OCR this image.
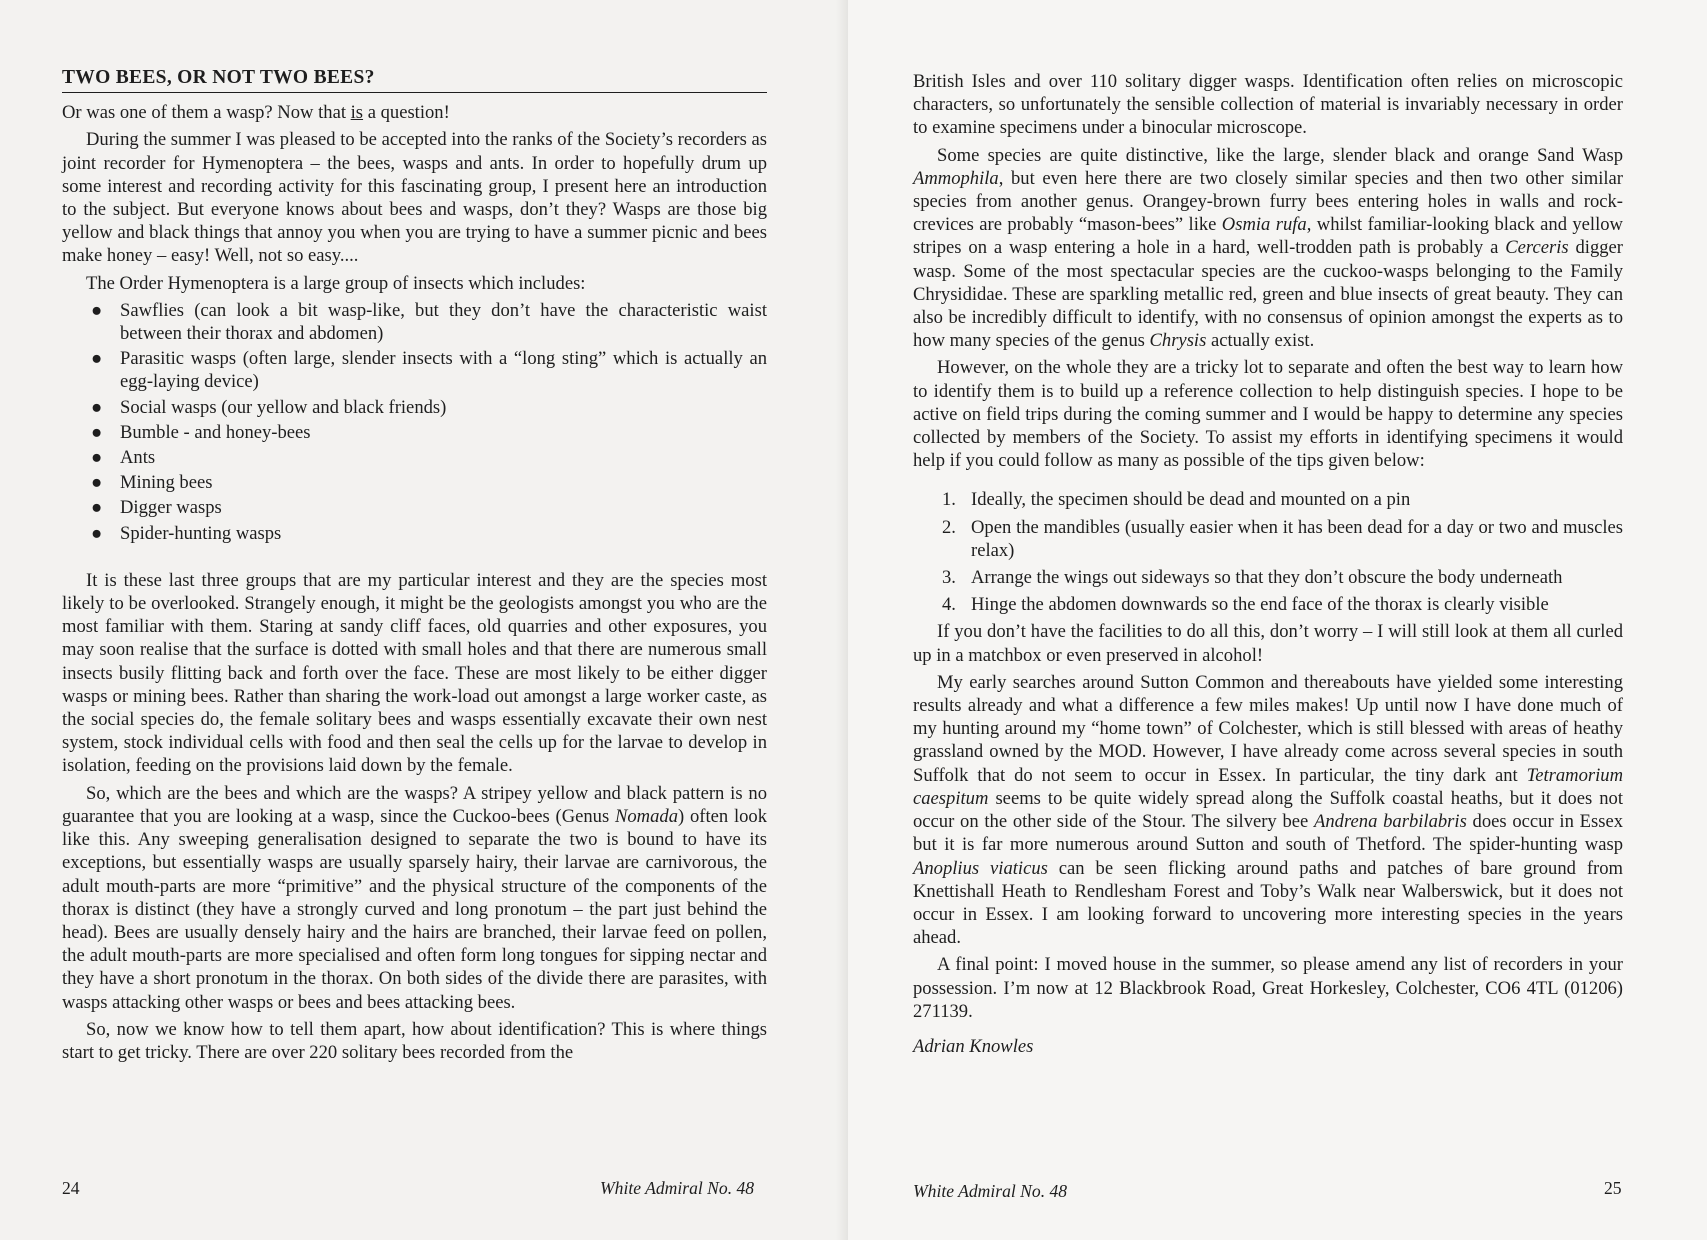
TWO BEES, OR NOT TWO BEES?

Or was one of them a wasp? Now that is a question!

During the summer I was pleased to be accepted into the ranks of the Society’s recorders as joint recorder for Hymenoptera – the bees, wasps and ants. In order to hopefully drum up some interest and recording activity for this fascinating group, I present here an introduction to the subject. But everyone knows about bees and wasps, don’t they? Wasps are those big yellow and black things that annoy you when you are trying to have a summer picnic and bees make honey – easy! Well, not so easy....

The Order Hymenoptera is a large group of insects which includes:

● Sawflies (can look a bit wasp-like, but they don’t have the characteristic waist between their thorax and abdomen)
● Parasitic wasps (often large, slender insects with a “long sting” which is actually an egg-laying device)
● Social wasps (our yellow and black friends)
● Bumble - and honey-bees
● Ants
● Mining bees
● Digger wasps
● Spider-hunting wasps

It is these last three groups that are my particular interest and they are the species most likely to be overlooked. Strangely enough, it might be the geologists amongst you who are the most familiar with them. Staring at sandy cliff faces, old quarries and other exposures, you may soon realise that the surface is dotted with small holes and that there are numerous small insects busily flitting back and forth over the face. These are most likely to be either digger wasps or mining bees. Rather than sharing the work-load out amongst a large worker caste, as the social species do, the female solitary bees and wasps essentially excavate their own nest system, stock individual cells with food and then seal the cells up for the larvae to develop in isolation, feeding on the provisions laid down by the female.

So, which are the bees and which are the wasps? A stripey yellow and black pattern is no guarantee that you are looking at a wasp, since the Cuckoo-bees (Genus Nomada) often look like this. Any sweeping generalisation designed to separate the two is bound to have its exceptions, but essentially wasps are usually sparsely hairy, their larvae are carnivorous, the adult mouth-parts are more “primitive” and the physical structure of the components of the thorax is distinct (they have a strongly curved and long pronotum – the part just behind the head). Bees are usually densely hairy and the hairs are branched, their larvae feed on pollen, the adult mouth-parts are more specialised and often form long tongues for sipping nectar and they have a short pronotum in the thorax. On both sides of the divide there are parasites, with wasps attacking other wasps or bees and bees attacking bees.

So, now we know how to tell them apart, how about identification? This is where things start to get tricky. There are over 220 solitary bees recorded from the

24	White Admiral No. 48

British Isles and over 110 solitary digger wasps. Identification often relies on microscopic characters, so unfortunately the sensible collection of material is invariably necessary in order to examine specimens under a binocular microscope.

Some species are quite distinctive, like the large, slender black and orange Sand Wasp Ammophila, but even here there are two closely similar species and then two other similar species from another genus. Orangey-brown furry bees entering holes in walls and rock-crevices are probably “mason-bees” like Osmia rufa, whilst familiar-looking black and yellow stripes on a wasp entering a hole in a hard, well-trodden path is probably a Cerceris digger wasp. Some of the most spectacular species are the cuckoo-wasps belonging to the Family Chrysididae. These are sparkling metallic red, green and blue insects of great beauty. They can also be incredibly difficult to identify, with no consensus of opinion amongst the experts as to how many species of the genus Chrysis actually exist.

However, on the whole they are a tricky lot to separate and often the best way to learn how to identify them is to build up a reference collection to help distinguish species. I hope to be active on field trips during the coming summer and I would be happy to determine any species collected by members of the Society. To assist my efforts in identifying specimens it would help if you could follow as many as possible of the tips given below:

1. Ideally, the specimen should be dead and mounted on a pin
2. Open the mandibles (usually easier when it has been dead for a day or two and muscles relax)
3. Arrange the wings out sideways so that they don’t obscure the body underneath
4. Hinge the abdomen downwards so the end face of the thorax is clearly visible

If you don’t have the facilities to do all this, don’t worry – I will still look at them all curled up in a matchbox or even preserved in alcohol!

My early searches around Sutton Common and thereabouts have yielded some interesting results already and what a difference a few miles makes! Up until now I have done much of my hunting around my “home town” of Colchester, which is still blessed with areas of heathy grassland owned by the MOD. However, I have already come across several species in south Suffolk that do not seem to occur in Essex. In particular, the tiny dark ant Tetramorium caespitum seems to be quite widely spread along the Suffolk coastal heaths, but it does not occur on the other side of the Stour. The silvery bee Andrena barbilabris does occur in Essex but it is far more numerous around Sutton and south of Thetford. The spider-hunting wasp Anoplius viaticus can be seen flicking around paths and patches of bare ground from Knettishall Heath to Rendlesham Forest and Toby’s Walk near Walberswick, but it does not occur in Essex. I am looking forward to uncovering more interesting species in the years ahead.

A final point: I moved house in the summer, so please amend any list of recorders in your possession. I’m now at 12 Blackbrook Road, Great Horkesley, Colchester, CO6 4TL (01206) 271139.

Adrian Knowles

White Admiral No. 48	25
